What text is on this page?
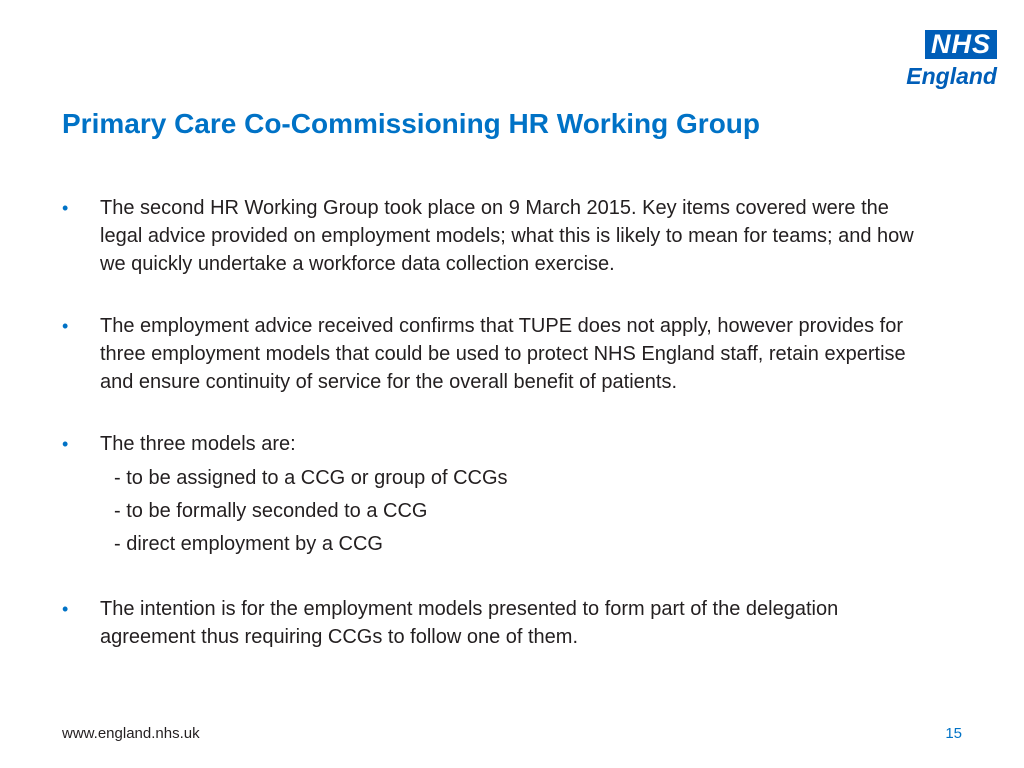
NHS
England
Primary Care Co-Commissioning HR Working Group
• The second HR Working Group took place on 9 March 2015. Key items covered were the legal advice provided on employment models; what this is likely to mean for teams; and how we quickly undertake a workforce data collection exercise.
• The employment advice received confirms that TUPE does not apply, however provides for three employment models that could be used to protect NHS England staff, retain expertise and ensure continuity of service for the overall benefit of patients.
• The three models are:
- to be assigned to a CCG or group of CCGs
- to be formally seconded to a CCG
- direct employment by a CCG
• The intention is for the employment models presented to form part of the delegation agreement thus requiring CCGs to follow one of them.
www.england.nhs.uk	15
